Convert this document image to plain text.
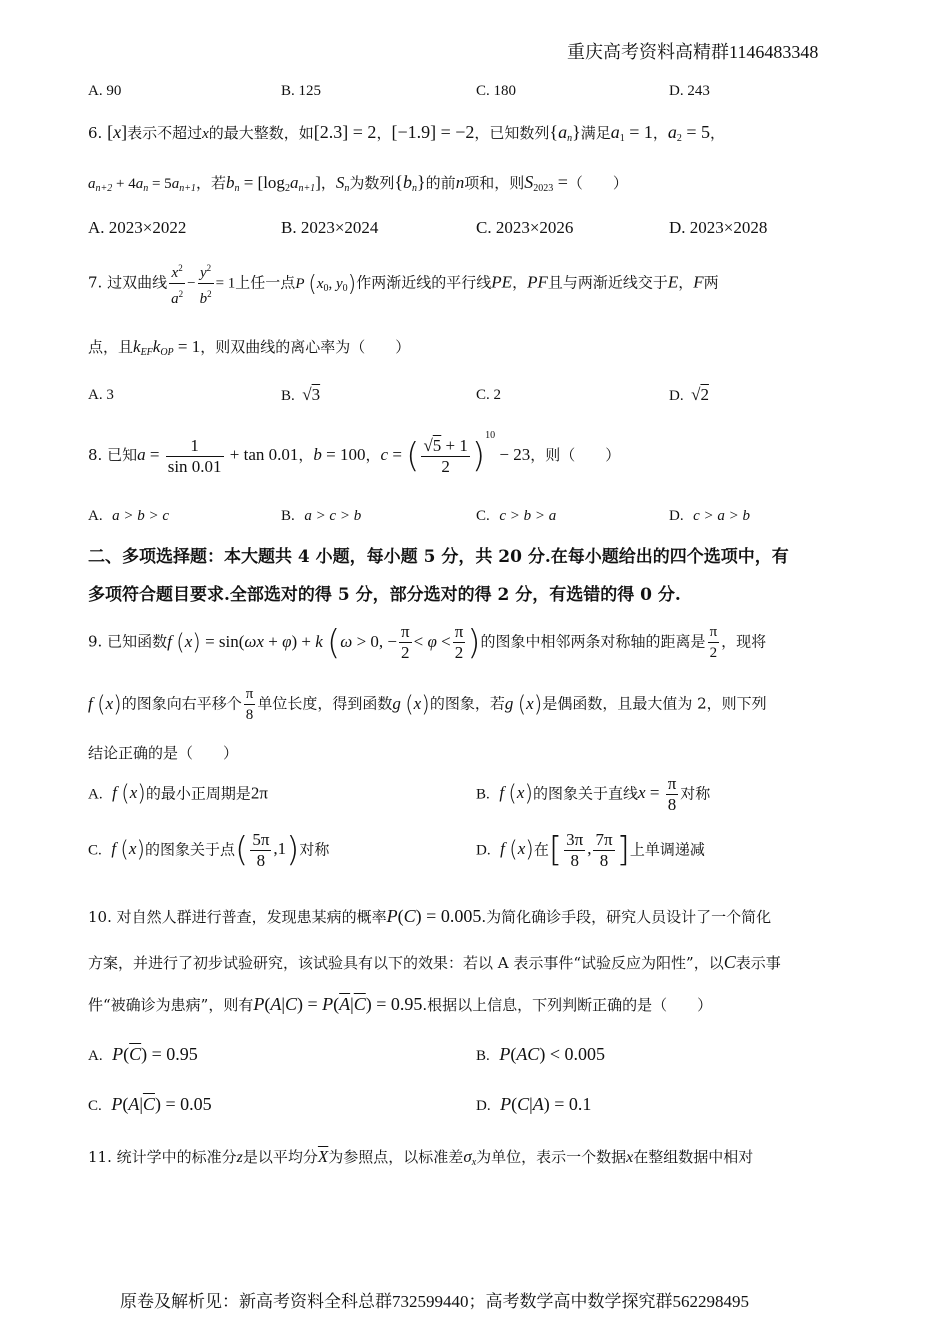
重庆高考资料高精群1146483348
A. 90	B. 125	C. 180	D. 243
6. [x]表示不超过x的最大整数，如[2.3] = 2，[−1.9] = −2，已知数列$\{a_n\}$满足$a_1 = 1$，$a_2 = 5$，
$a_{n+2} + 4a_n = 5a_{n+1}$，若$b_n = [\log_2a_{n+1}]$，$S_n$为数列$\{b_n\}$的前n项和，则$S_{2023}$ =（　　）
A. 2023×2022	B. 2023×2024	C. 2023×2026	D. 2023×2028
7. 过双曲线 $\frac{x^2}{a^2} - \frac{y^2}{b^2} = 1$上任一点P ($x_0$, $y_0$)作两渐近线的平行线PE，PF且与两渐近线交于E，F两
点，且$k_{EF}k_{OP} = 1$，则双曲线的离心率为（　　）
A. 3	B. √3	C. 2	D. √2
8. 已知$a = \frac{1}{\sin 0.01} + \tan 0.01$，b = 100，c = ( $\frac{√5 + 1}{2} )^{10} - 23$，则（　　）
A. a > b > c	B. a > c > b	C. c > b > a	D. c > a > b
二、多项选择题：本大题共 4 小题，每小题 5 分，共 20 分.在每小题给出的四个选项中，有
多项符合题目要求.全部选对的得 5 分，部分选对的得 2 分，有选错的得 0 分.
9. 已知函数f (x) = sin(ωx + φ) + k (ω > 0, − $\frac{\pi}{2} < \varphi < \frac{\pi}{2}$ )的图象中相邻两条对称轴的距离是 $\frac{\pi}{2}$ ，现将
f (x)的图象向右平移个 $\frac{\pi}{8}$ 单位长度，得到函数g (x)的图象，若g (x)是偶函数，且最大值为 2，则下列
结论正确的是（　　）
A. f (x)的最小正周期是2π	B. f (x)的图象关于直线$x = \frac{\pi}{8}$ 对称
C. f (x)的图象关于点( $\frac{5\pi}{8} ,1$)对称	D. f (x)在[ $\frac{3\pi}{8}$ , $\frac{7\pi}{8}$ ]上单调递减
10. 对自然人群进行普查，发现患某病的概率P(C) = 0.005.为简化确诊手段，研究人员设计了一个简化
方案，并进行了初步试验研究，该试验具有以下的效果：若以 A 表示事件“试验反应为阳性”，以C表示事
件“被确诊为患病”，则有$P(A|C) = P(\overline{A}|\overline{C}) = 0.95$.根据以上信息，下列判断正确的是（　　）
A. $P(\overline{C}) = 0.95$	B. P(AC) < 0.005
C. $P(A|\overline{C}) = 0.05$	D. P(C|A) = 0.1
11. 统计学中的标准分z是以平均分$\overline{X}$为参照点，以标准差$\sigma_x$为单位，表示一个数据x在整组数据中相对
原卷及解析见：新高考资料全科总群732599440；高考数学高中数学探究群562298495
